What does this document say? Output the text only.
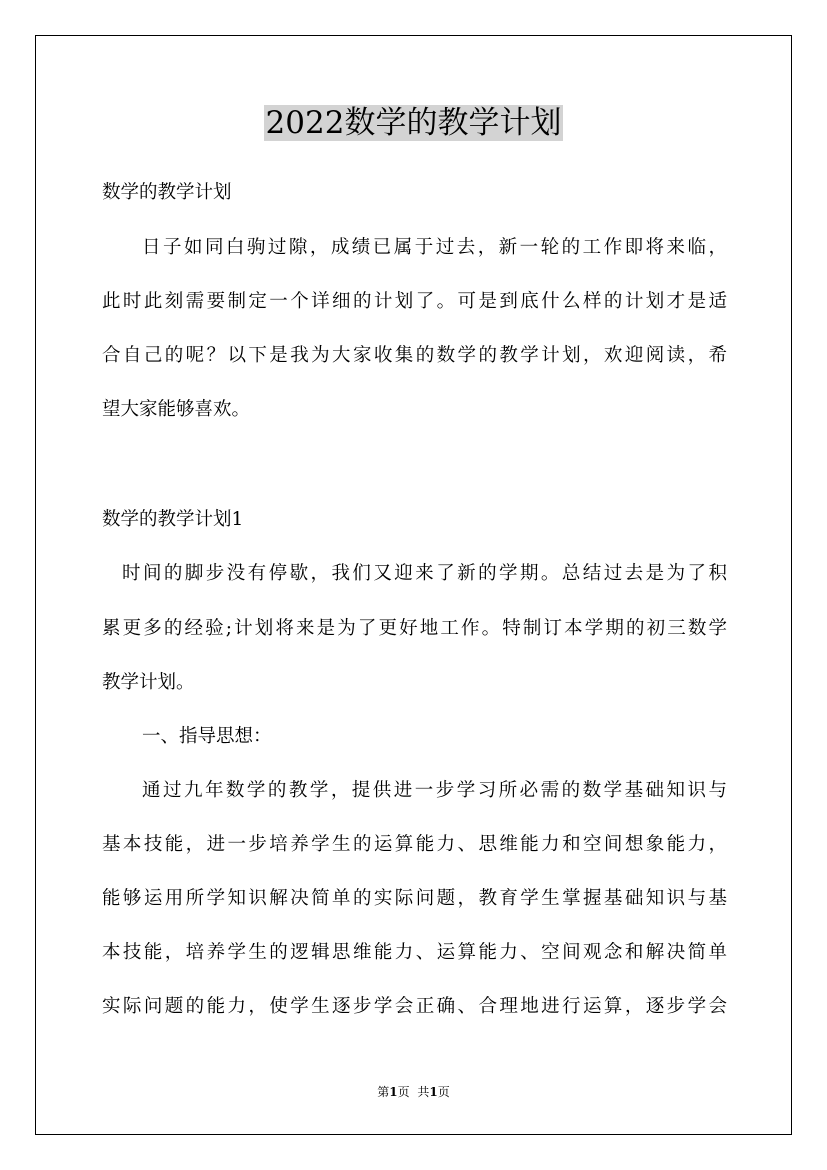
2022数学的教学计划
数学的教学计划
日子如同白驹过隙，成绩已属于过去，新一轮的工作即将来临，
此时此刻需要制定一个详细的计划了。可是到底什么样的计划才是适
合自己的呢？以下是我为大家收集的数学的教学计划，欢迎阅读，希
望大家能够喜欢。
数学的教学计划1
时间的脚步没有停歇，我们又迎来了新的学期。总结过去是为了积
累更多的经验;计划将来是为了更好地工作。特制订本学期的初三数学
教学计划。
一、指导思想：
通过九年数学的教学，提供进一步学习所必需的数学基础知识与
基本技能，进一步培养学生的运算能力、思维能力和空间想象能力，
能够运用所学知识解决简单的实际问题，教育学生掌握基础知识与基
本技能，培养学生的逻辑思维能力、运算能力、空间观念和解决简单
实际问题的能力，使学生逐步学会正确、合理地进行运算，逐步学会
第1页 共1页
